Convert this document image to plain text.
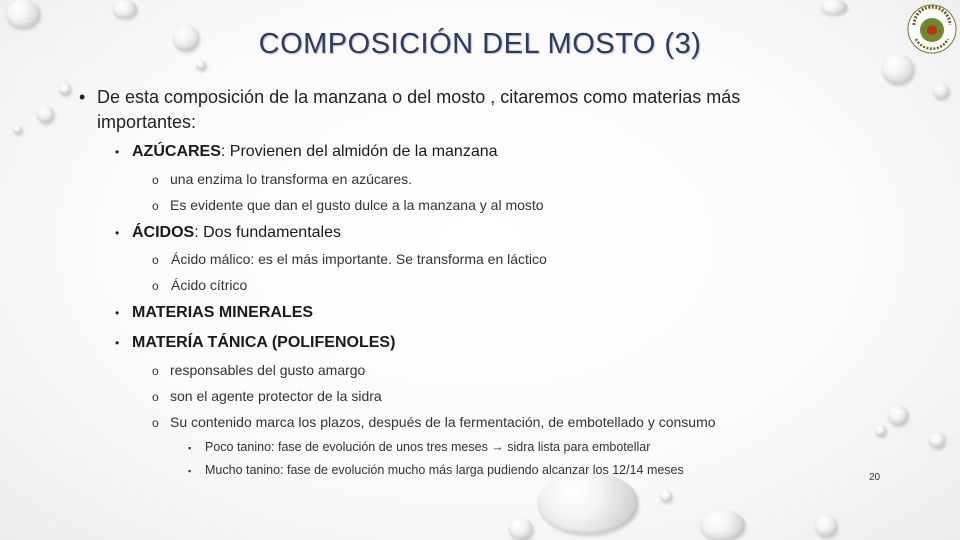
COMPOSICIÓN DEL MOSTO (3)
• De esta composición de la manzana o del mosto , citaremos como materias más
importantes:
• AZÚCARES: Provienen del almidón de la manzana
o una enzima lo transforma en azúcares.
o Es evidente que dan el gusto dulce a la manzana y al mosto
• ÁCIDOS: Dos fundamentales
o Ácido málico: es el más importante. Se transforma en láctico
o Ácido cítrico
• MATERIAS MINERALES
• MATERÍA TÁNICA (POLIFENOLES)
o responsables del gusto amargo
o son el agente protector de la sidra
o Su contenido marca los plazos, después de la fermentación, de embotellado y consumo
▪ Poco tanino: fase de evolución de unos tres meses → sidra lista para embotellar
▪ Mucho tanino: fase de evolución mucho más larga pudiendo alcanzar los 12/14 meses
20
